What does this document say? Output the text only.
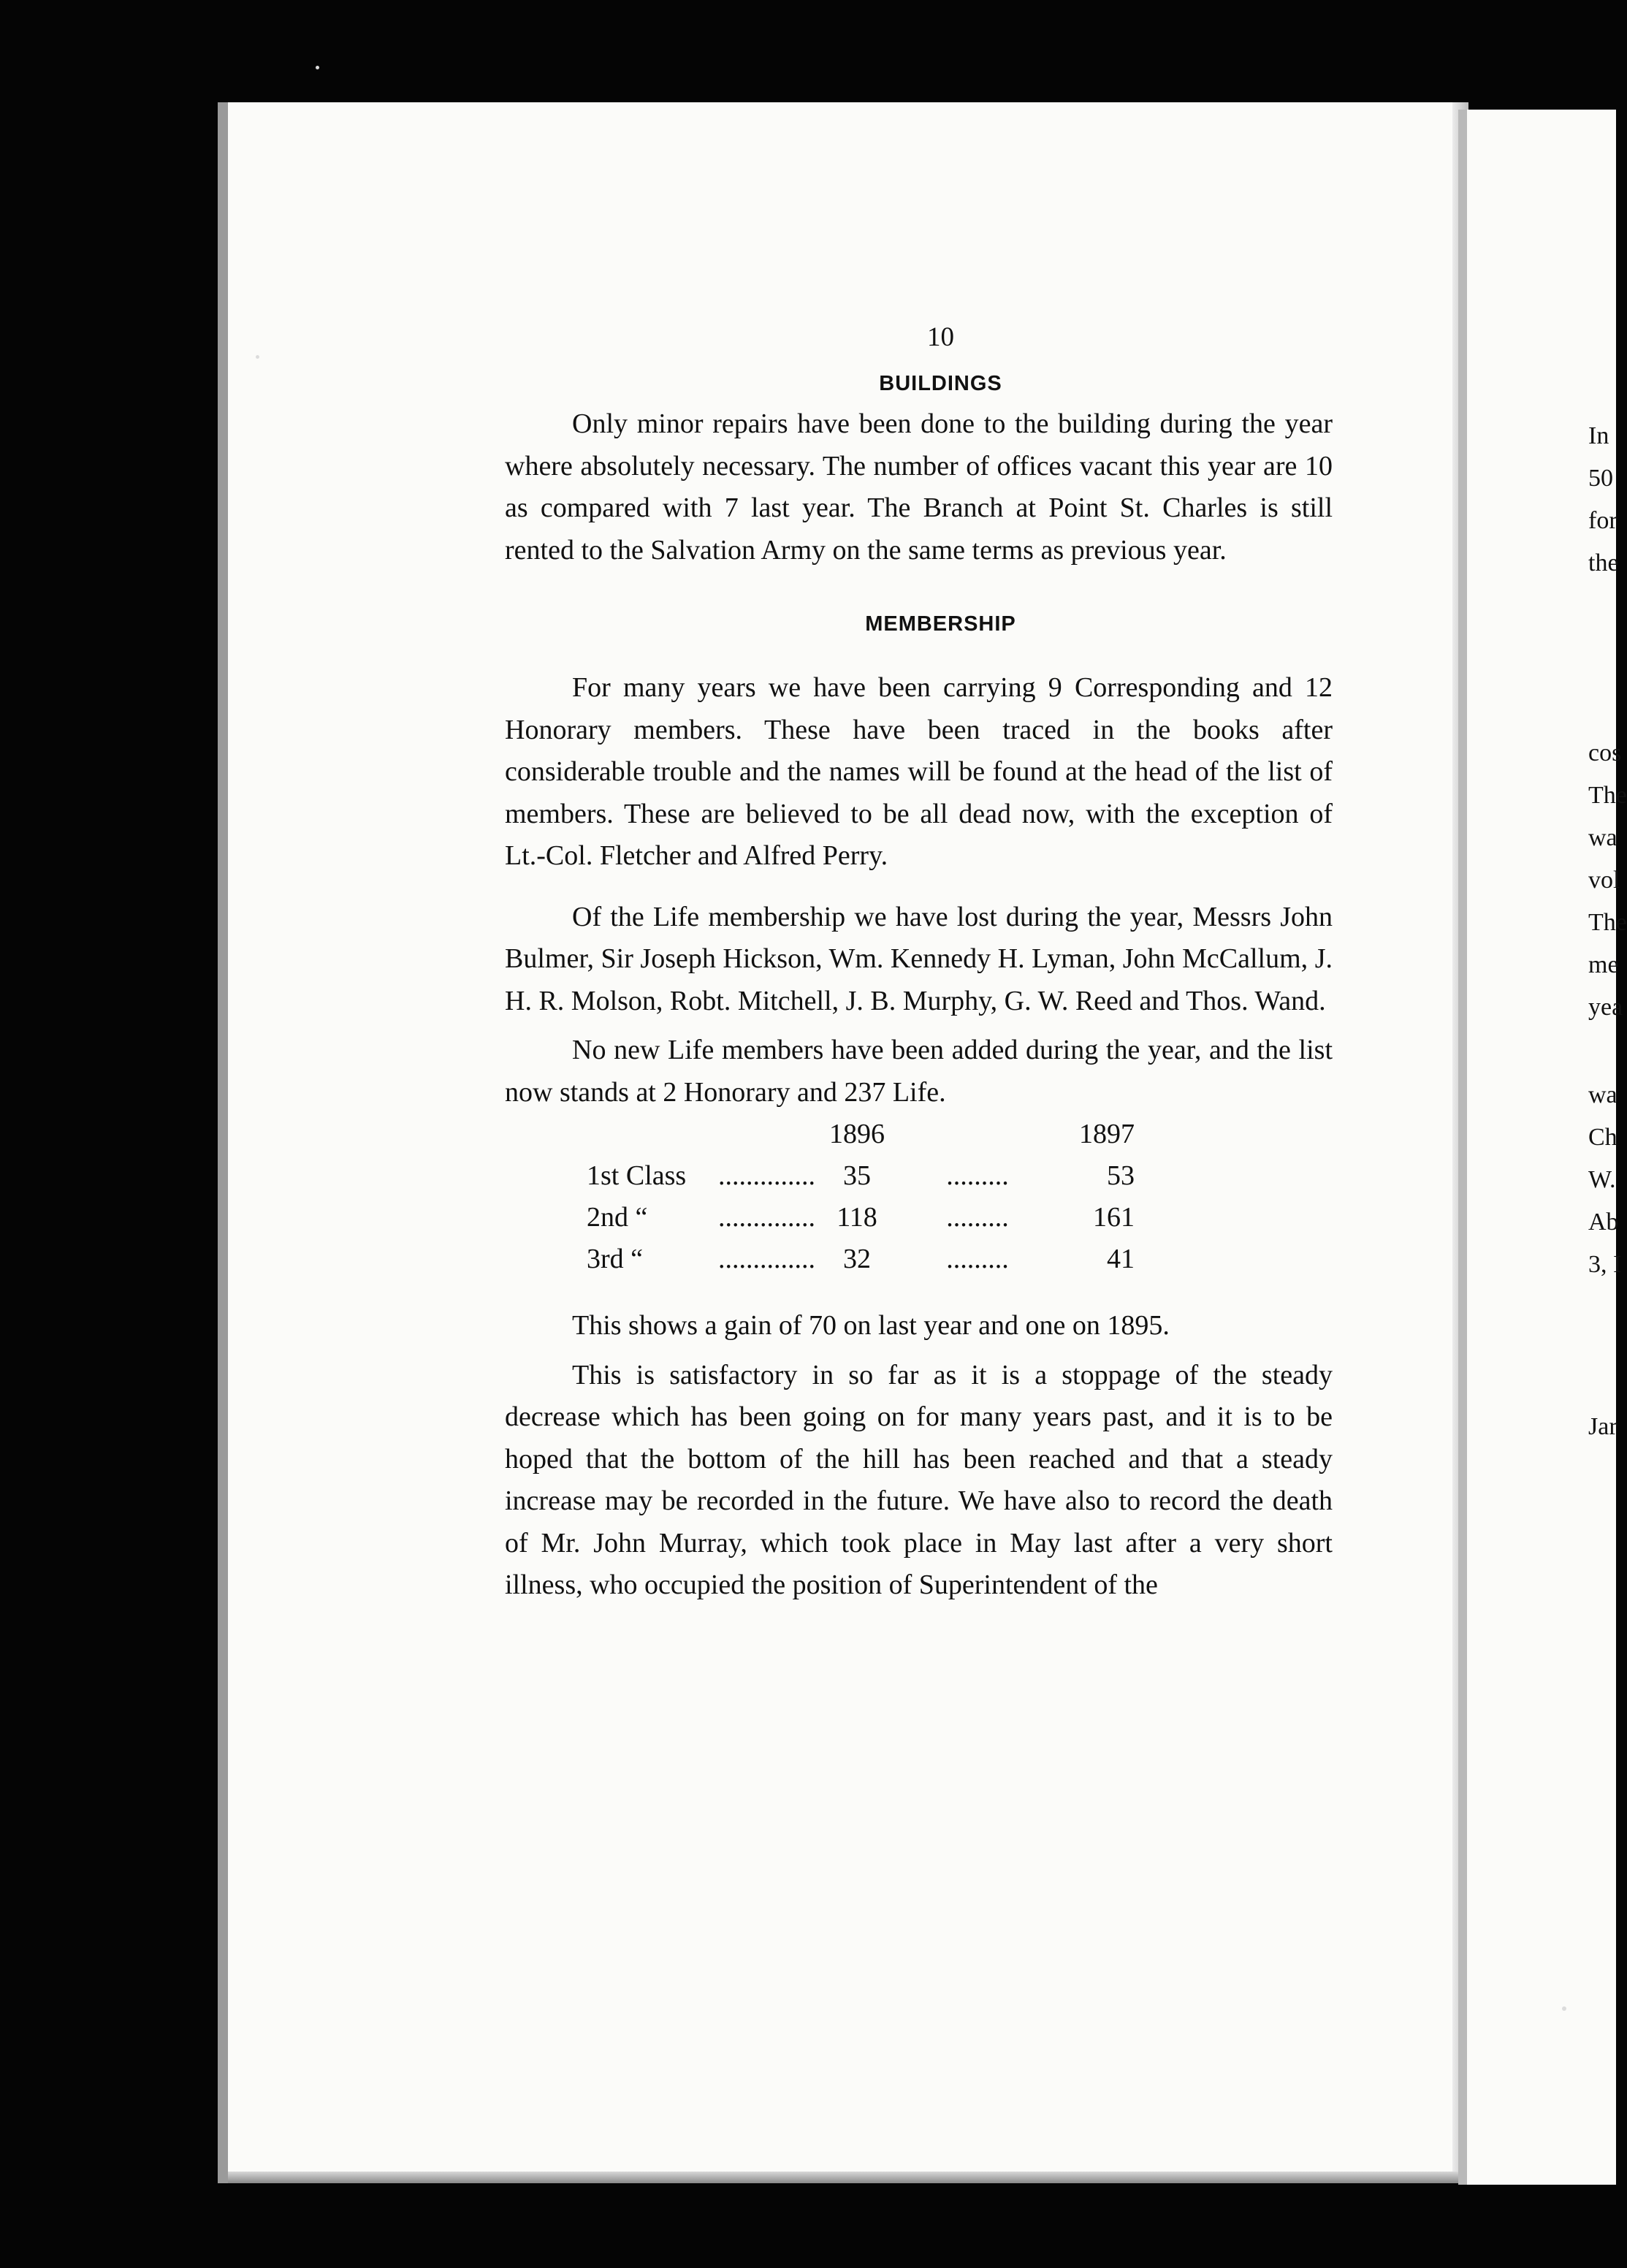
In
50
for
the
cos
The
wa
vol
The
me
yea
wa
Ch
W.
Ab
3, I
Jar
10
BUILDINGS

Only minor repairs have been done to the building during the year where absolutely necessary. The number of offices vacant this year are 10 as compared with 7 last year. The Branch at Point St. Charles is still rented to the Salvation Army on the same terms as previous year.

MEMBERSHIP

For many years we have been carrying 9 Corresponding and 12 Honorary members. These have been traced in the books after considerable trouble and the names will be found at the head of the list of members. These are believed to be all dead now, with the exception of Lt.-Col. Fletcher and Alfred Perry.

Of the Life membership we have lost during the year, Messrs John Bulmer, Sir Joseph Hickson, Wm. Kennedy H. Lyman, John McCallum, J. H. R. Molson, Robt. Mitchell, J. B. Murphy, G. W. Reed and Thos. Wand.

No new Life members have been added during the year, and the list now stands at 2 Honorary and 237 Life.

		1896		1897
1st Class	..............	35	.........	53
2nd “	..............	118	.........	161
3rd “	..............	32	.........	41

This shows a gain of 70 on last year and one on 1895.

This is satisfactory in so far as it is a stoppage of the steady decrease which has been going on for many years past, and it is to be hoped that the bottom of the hill has been reached and that a steady increase may be recorded in the future. We have also to record the death of Mr. John Murray, which took place in May last after a very short illness, who occupied the position of Superintendent of the
